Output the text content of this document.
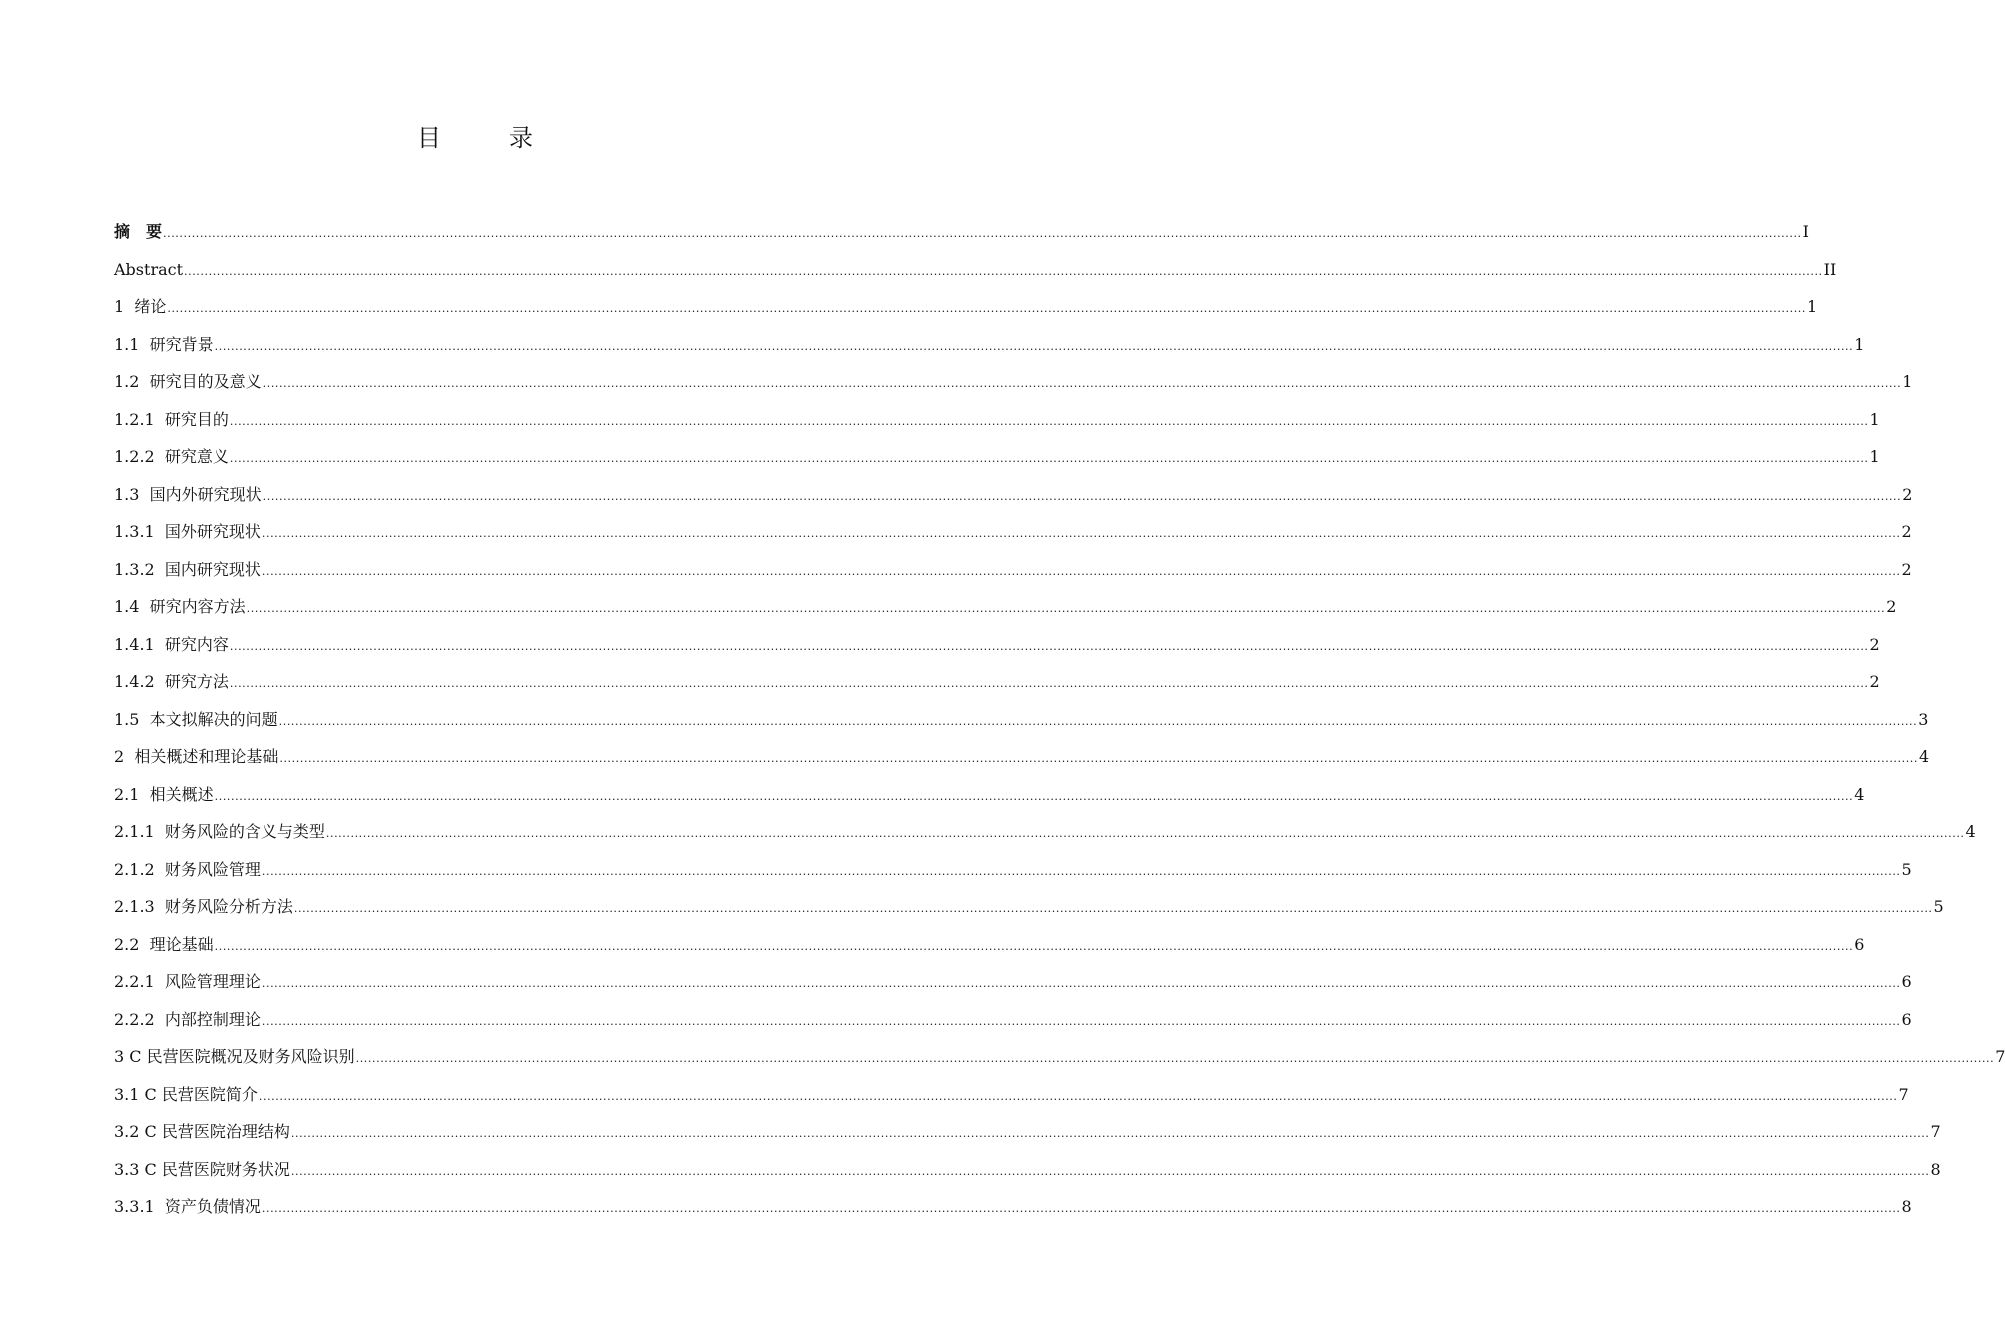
目　录
摘　要 ................................................................................................................................................................................................................................................................................................................................................................................................................ I
Abstract ................................................................................................................................................................................................................................................................................................................................................................................................................ II
1  绪论 ................................................................................................................................................................................................................................................................................................................................................................................................................ 1
1.1  研究背景 ................................................................................................................................................................................................................................................................................................................................................................................................................ 1
1.2  研究目的及意义 ................................................................................................................................................................................................................................................................................................................................................................................................................ 1
1.2.1  研究目的 ................................................................................................................................................................................................................................................................................................................................................................................................................ 1
1.2.2  研究意义 ................................................................................................................................................................................................................................................................................................................................................................................................................ 1
1.3  国内外研究现状 ................................................................................................................................................................................................................................................................................................................................................................................................................ 2
1.3.1  国外研究现状 ................................................................................................................................................................................................................................................................................................................................................................................................................ 2
1.3.2  国内研究现状 ................................................................................................................................................................................................................................................................................................................................................................................................................ 2
1.4  研究内容方法 ................................................................................................................................................................................................................................................................................................................................................................................................................ 2
1.4.1  研究内容 ................................................................................................................................................................................................................................................................................................................................................................................................................ 2
1.4.2  研究方法 ................................................................................................................................................................................................................................................................................................................................................................................................................ 2
1.5  本文拟解决的问题 ................................................................................................................................................................................................................................................................................................................................................................................................................ 3
2  相关概述和理论基础 ................................................................................................................................................................................................................................................................................................................................................................................................................ 4
2.1  相关概述 ................................................................................................................................................................................................................................................................................................................................................................................................................ 4
2.1.1  财务风险的含义与类型 ................................................................................................................................................................................................................................................................................................................................................................................................................ 4
2.1.2  财务风险管理 ................................................................................................................................................................................................................................................................................................................................................................................................................ 5
2.1.3  财务风险分析方法 ................................................................................................................................................................................................................................................................................................................................................................................................................ 5
2.2  理论基础 ................................................................................................................................................................................................................................................................................................................................................................................................................ 6
2.2.1  风险管理理论 ................................................................................................................................................................................................................................................................................................................................................................................................................ 6
2.2.2  内部控制理论 ................................................................................................................................................................................................................................................................................................................................................................................................................ 6
3 C 民营医院概况及财务风险识别 ................................................................................................................................................................................................................................................................................................................................................................................................................ 7
3.1 C 民营医院简介 ................................................................................................................................................................................................................................................................................................................................................................................................................ 7
3.2 C 民营医院治理结构 ................................................................................................................................................................................................................................................................................................................................................................................................................ 7
3.3 C 民营医院财务状况 ................................................................................................................................................................................................................................................................................................................................................................................................................ 8
3.3.1  资产负债情况 ................................................................................................................................................................................................................................................................................................................................................................................................................ 8
